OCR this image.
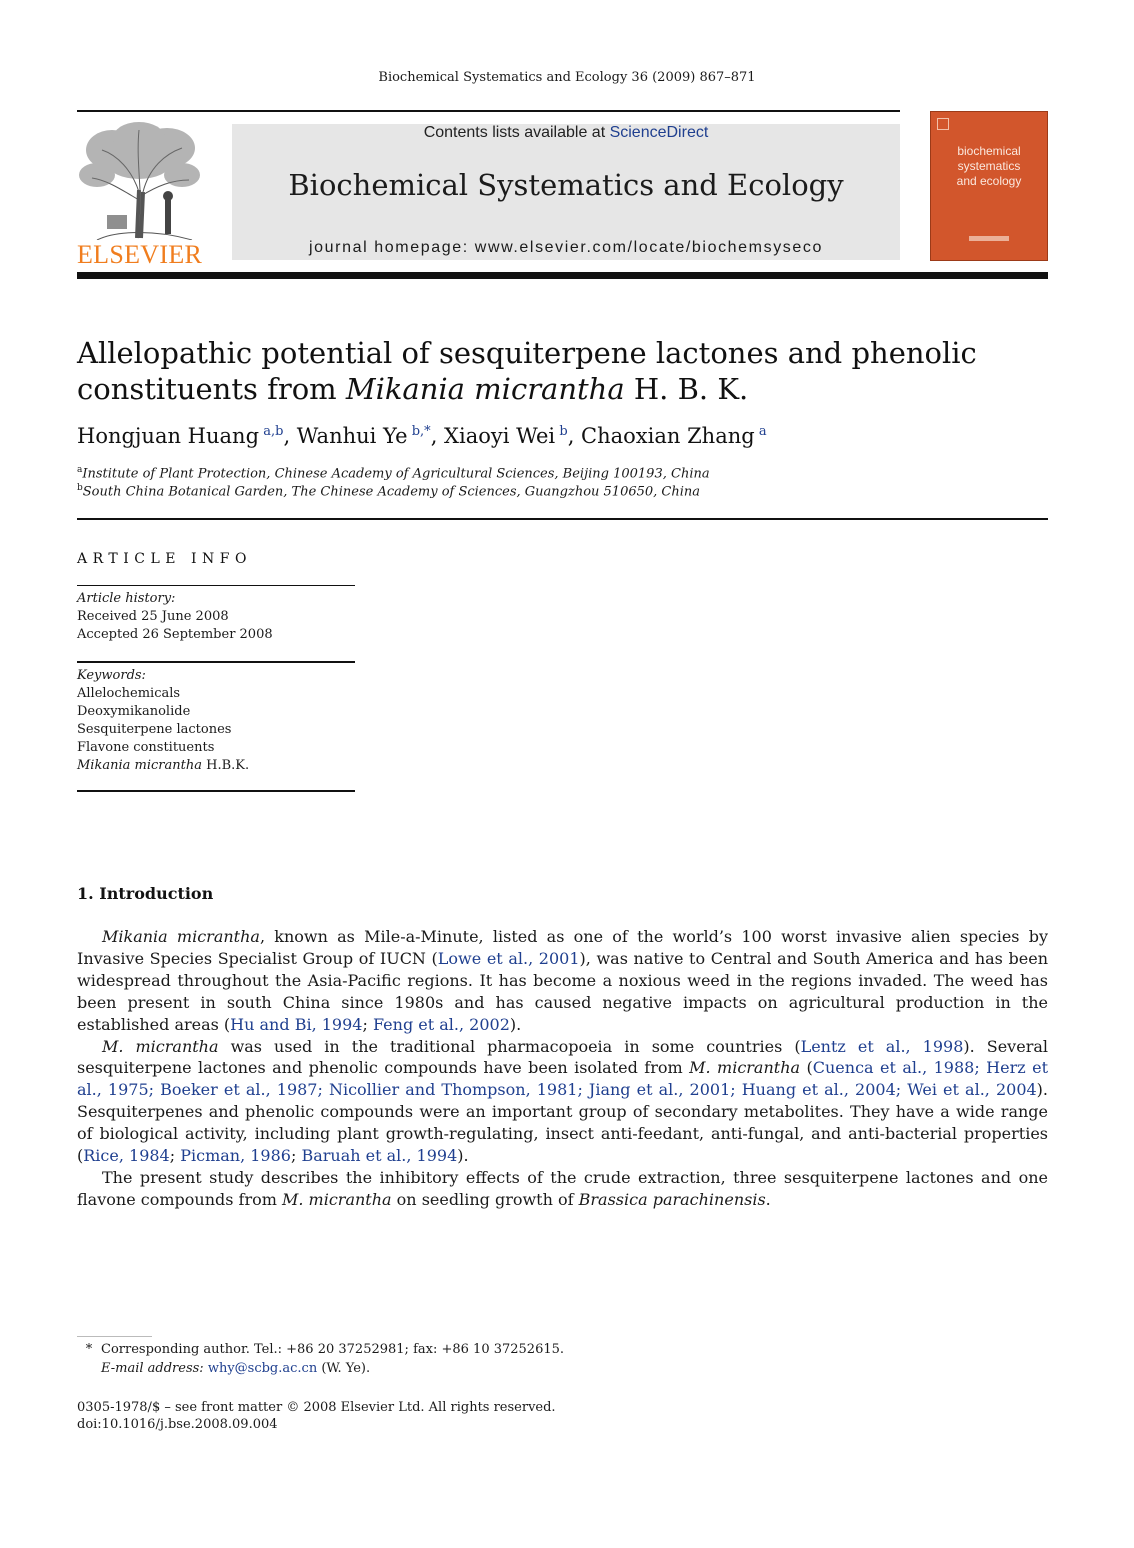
Biochemical Systematics and Ecology 36 (2009) 867–871
ELSEVIER
Contents lists available at ScienceDirect
Biochemical Systematics and Ecology
journal homepage: www.elsevier.com/locate/biochemsyseco
biochemical
systematics
and ecology
Allelopathic potential of sesquiterpene lactones and phenolic
constituents from Mikania micrantha H. B. K.
Hongjuan Huang  $^{a,b}$, Wanhui Ye  $^{b,*}$, Xiaoyi Wei  $^b$, Chaoxian Zhang  $^a$
$^a$Institute of Plant Protection, Chinese Academy of Agricultural Sciences, Beijing 100193, China
$^b$South China Botanical Garden, The Chinese Academy of Sciences, Guangzhou 510650, China
ARTICLE INFO
Article history:
Received 25 June 2008
Accepted 26 September 2008
Keywords:
Allelochemicals
Deoxymikanolide
Sesquiterpene lactones
Flavone constituents
Mikania micrantha H.B.K.
1. Introduction

Mikania micrantha, known as Mile-a-Minute, listed as one of the world’s 100 worst invasive alien species by Invasive Species Specialist Group of IUCN (Lowe et al., 2001), was native to Central and South America and has been widespread throughout the Asia-Pacific regions. It has become a noxious weed in the regions invaded. The weed has been present in south China since 1980s and has caused negative impacts on agricultural production in the established areas (Hu and Bi, 1994; Feng et al., 2002).

M. micrantha was used in the traditional pharmacopoeia in some countries (Lentz et al., 1998). Several sesquiterpene lactones and phenolic compounds have been isolated from M. micrantha (Cuenca et al., 1988; Herz et al., 1975; Boeker et al., 1987; Nicollier and Thompson, 1981; Jiang et al., 2001; Huang et al., 2004; Wei et al., 2004). Sesquiterpenes and phenolic compounds were an important group of secondary metabolites. They have a wide range of biological activity, including plant growth-regulating, insect anti-feedant, anti-fungal, and anti-bacterial properties (Rice, 1984; Picman, 1986; Baruah et al., 1994).

The present study describes the inhibitory effects of the crude extraction, three sesquiterpene lactones and one flavone compounds from M. micrantha on seedling growth of Brassica parachinensis.

* Corresponding author. Tel.: +86 20 37252981; fax: +86 10 37252615.
E-mail address: why@scbg.ac.cn (W. Ye).
0305-1978/$ – see front matter © 2008 Elsevier Ltd. All rights reserved.
doi:10.1016/j.bse.2008.09.004
